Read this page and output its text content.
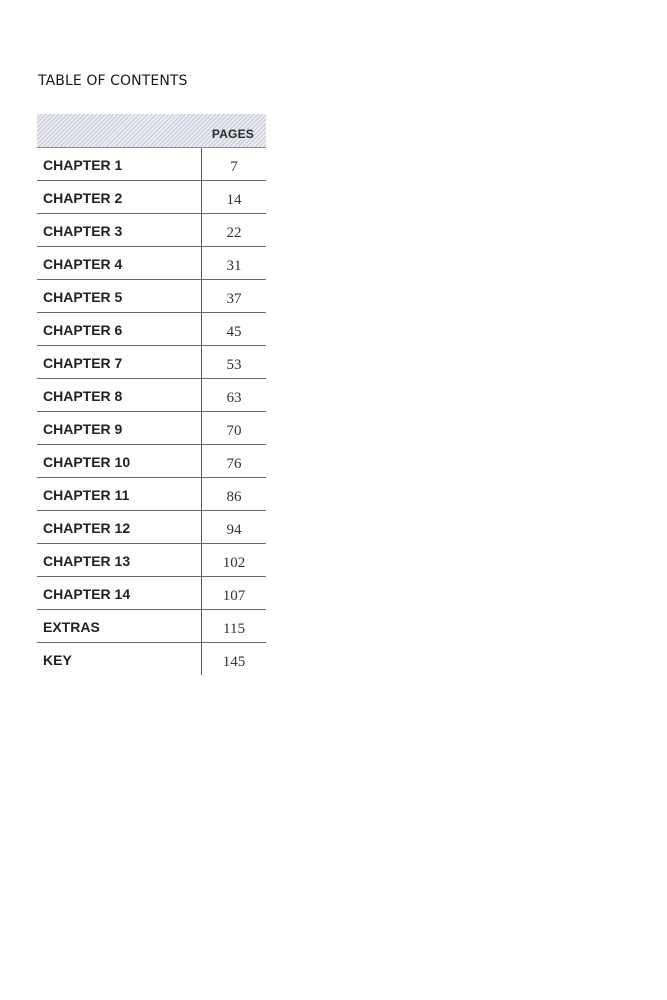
TABLE OF CONTENTS
PAGES
CHAPTER 1	7
CHAPTER 2	14
CHAPTER 3	22
CHAPTER 4	31
CHAPTER 5	37
CHAPTER 6	45
CHAPTER 7	53
CHAPTER 8	63
CHAPTER 9	70
CHAPTER 10	76
CHAPTER 11	86
CHAPTER 12	94
CHAPTER 13	102
CHAPTER 14	107
EXTRAS	115
KEY	145
